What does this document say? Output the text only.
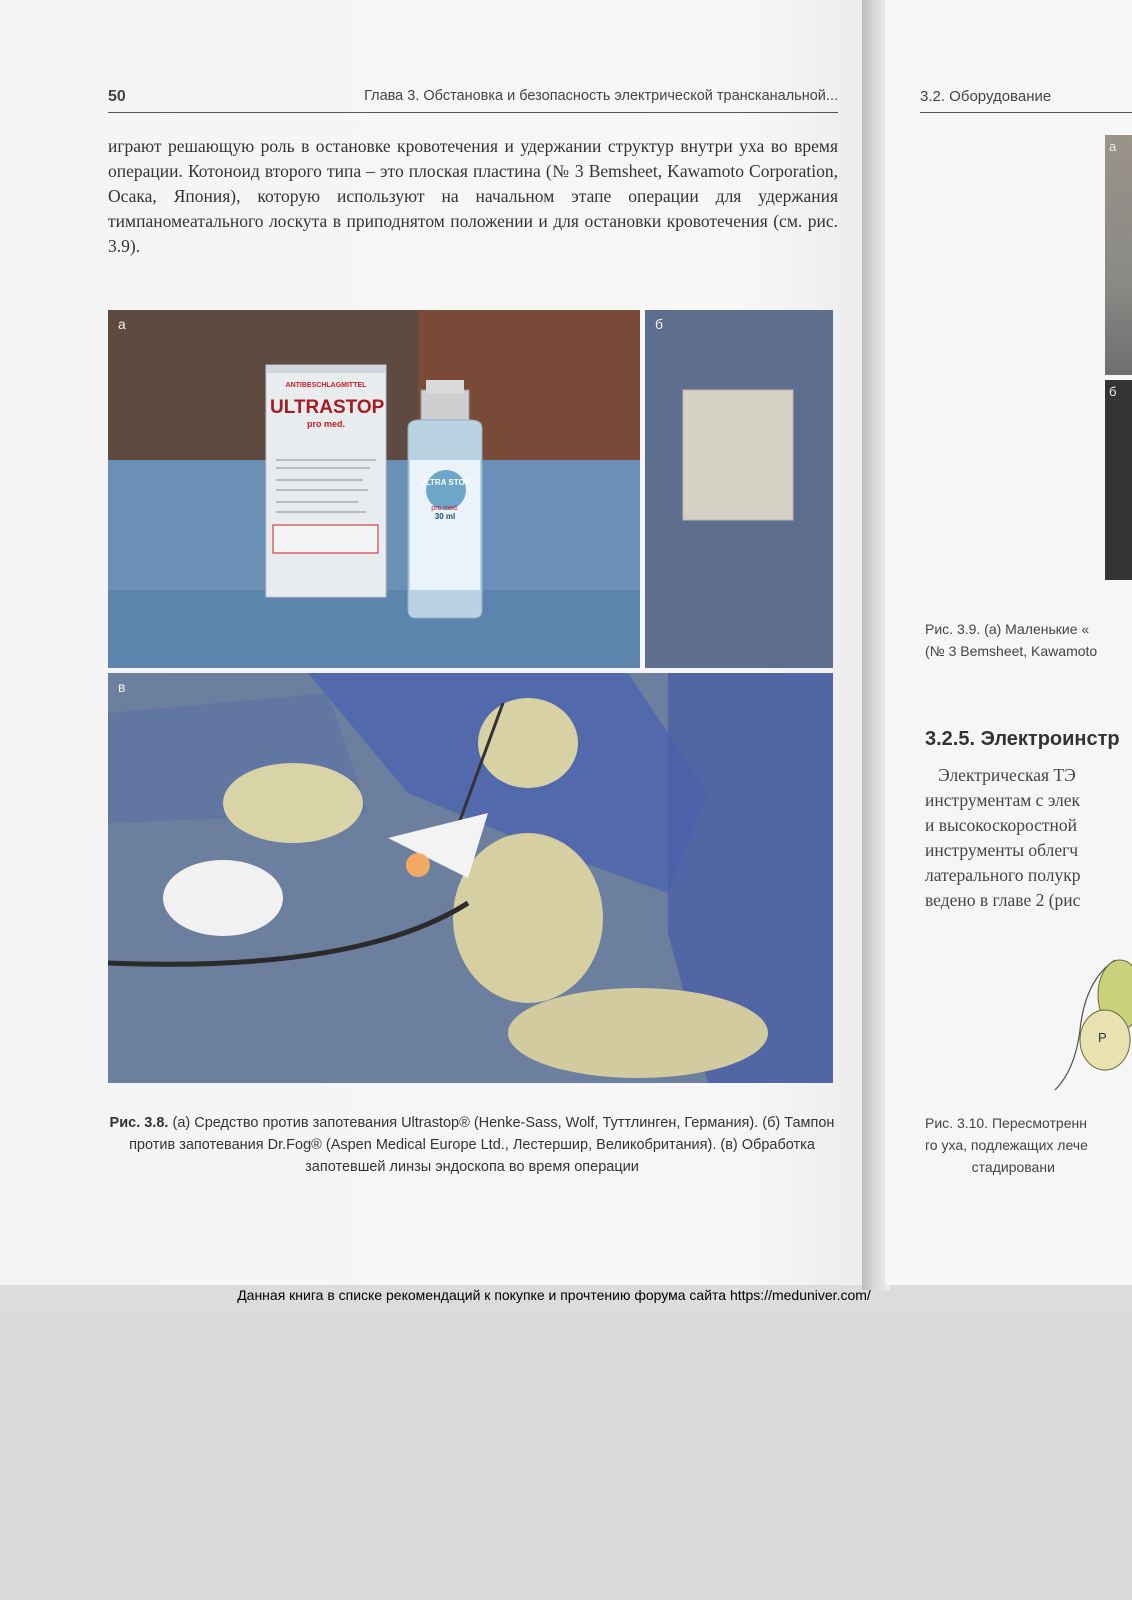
50	Глава 3. Обстановка и безопасность электрической трансканальной...

играют решающую роль в остановке кровотечения и удержании структур внутри уха во время операции. Котоноид второго типа – это плоская пластина (№ 3 Bemsheet, Kawamoto Corporation, Осака, Япония), которую используют на начальном этапе операции для удержания тимпаномеатального лоскута в приподнятом положении и для остановки кровотечения (см. рис. 3.9).

а
ANTIBESCHLAGMITTEL
ULTRASTOP
pro med.
ULTRA STOP
pro med.
30 ml
б
в

Рис. 3.8. (а) Средство против запотевания Ultrastop® (Henke-Sass, Wolf, Туттлинген, Германия). (б) Тампон против запотевания Dr.Fog® (Aspen Medical Europe Ltd., Лестершир, Великобритания). (в) Обработка запотевшей линзы эндоскопа во время операции

3.2. Оборудование
а
б

Рис. 3.9. (а) Маленькие «
(№ 3 Bemsheet, Kawamoto

3.2.5. Электроинстр

Электрическая ТЭ
инструментам с элек
и высокоскоростной
инструменты облегч
латерального полукр
ведено в главе 2 (рис

P

Рис. 3.10. Пересмотренн
го уха, подлежащих лече
стадировани

Данная книга в списке рекомендаций к покупке и прочтению форума сайта https://meduniver.com/
